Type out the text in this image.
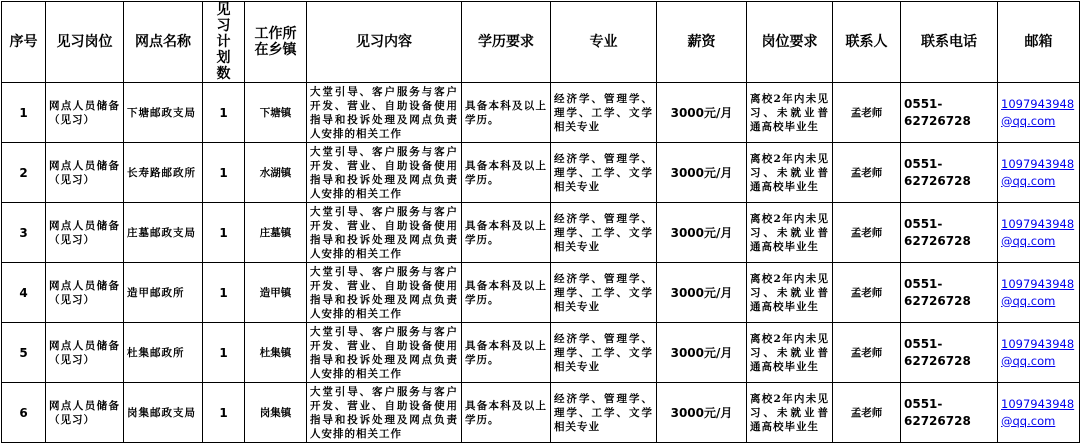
序号	见习岗位	网点名称	见习计划数	工作所在乡镇	见习内容	学历要求	专业	薪资	岗位要求	联系人	联系电话	邮箱
1	网点人员储备（见习）	下塘邮政支局	1	下塘镇	大堂引导、客户服务与客户开发、营业、自助设备使用指导和投诉处理及网点负责人安排的相关工作	具备本科及以上学历。	经济学、管理学、理学、工学、文学相关专业	3000元/月	离校2年内未见习、未就业普通高校毕业生	孟老师	0551-62726728	1097943948@qq.com
2	网点人员储备（见习）	长寿路邮政所	1	水湖镇	大堂引导、客户服务与客户开发、营业、自助设备使用指导和投诉处理及网点负责人安排的相关工作	具备本科及以上学历。	经济学、管理学、理学、工学、文学相关专业	3000元/月	离校2年内未见习、未就业普通高校毕业生	孟老师	0551-62726728	1097943948@qq.com
3	网点人员储备（见习）	庄墓邮政支局	1	庄墓镇	大堂引导、客户服务与客户开发、营业、自助设备使用指导和投诉处理及网点负责人安排的相关工作	具备本科及以上学历。	经济学、管理学、理学、工学、文学相关专业	3000元/月	离校2年内未见习、未就业普通高校毕业生	孟老师	0551-62726728	1097943948@qq.com
4	网点人员储备（见习）	造甲邮政所	1	造甲镇	大堂引导、客户服务与客户开发、营业、自助设备使用指导和投诉处理及网点负责人安排的相关工作	具备本科及以上学历。	经济学、管理学、理学、工学、文学相关专业	3000元/月	离校2年内未见习、未就业普通高校毕业生	孟老师	0551-62726728	1097943948@qq.com
5	网点人员储备（见习）	杜集邮政所	1	杜集镇	大堂引导、客户服务与客户开发、营业、自助设备使用指导和投诉处理及网点负责人安排的相关工作	具备本科及以上学历。	经济学、管理学、理学、工学、文学相关专业	3000元/月	离校2年内未见习、未就业普通高校毕业生	孟老师	0551-62726728	1097943948@qq.com
6	网点人员储备（见习）	岗集邮政支局	1	岗集镇	大堂引导、客户服务与客户开发、营业、自助设备使用指导和投诉处理及网点负责人安排的相关工作	具备本科及以上学历。	经济学、管理学、理学、工学、文学相关专业	3000元/月	离校2年内未见习、未就业普通高校毕业生	孟老师	0551-62726728	1097943948@qq.com
